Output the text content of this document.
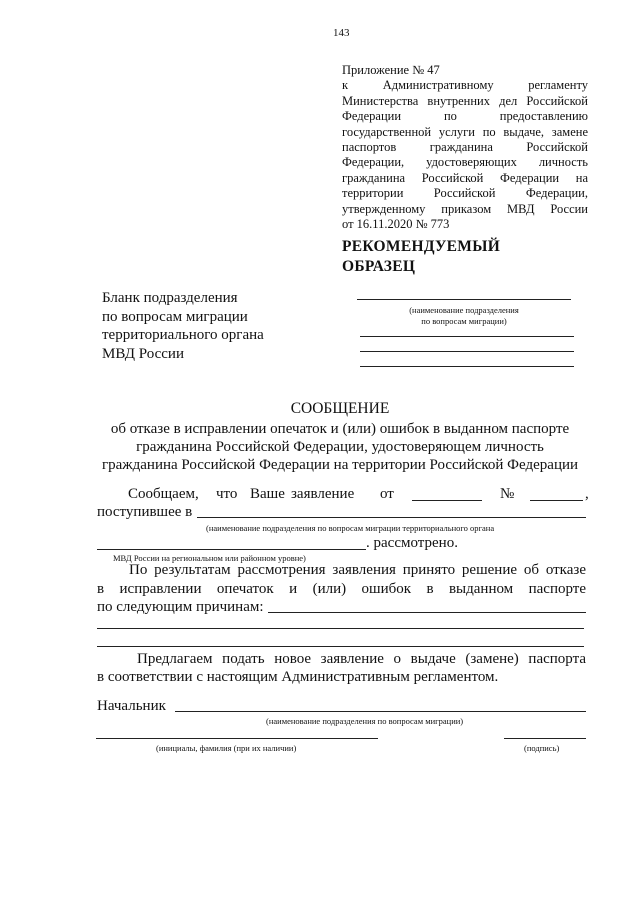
143
Приложение № 47
к Административному регламенту
Министерства внутренних дел Российской
Федерации по предоставлению
государственной услуги по выдаче, замене
паспортов гражданина Российской
Федерации, удостоверяющих личность
гражданина Российской Федерации на
территории Российской Федерации,
утвержденному приказом МВД России
от 16.11.2020 № 773
РЕКОМЕНДУЕМЫЙ
ОБРАЗЕЦ
Бланк подразделения
по вопросам миграции
территориального органа
МВД России
(наименование подразделения
по вопросам миграции)
СООБЩЕНИЕ
об отказе в исправлении опечаток и (или) ошибок в выданном паспорте
гражданина Российской Федерации, удостоверяющем личность
гражданина Российской Федерации на территории Российской Федерации
Сообщаем, что Ваше заявление от	№	,
поступившее в
(наименование подразделения по вопросам миграции территориального органа
. рассмотрено.
МВД России на региональном или районном уровне)
По результатам рассмотрения заявления принято решение об отказе
в исправлении опечаток и (или) ошибок в выданном паспорте
по следующим причинам:
Предлагаем подать новое заявление о выдаче (замене) паспорта
в соответствии с настоящим Административным регламентом.
Начальник
(наименование подразделения по вопросам миграции)
(инициалы, фамилия (при их наличии)	(подпись)
